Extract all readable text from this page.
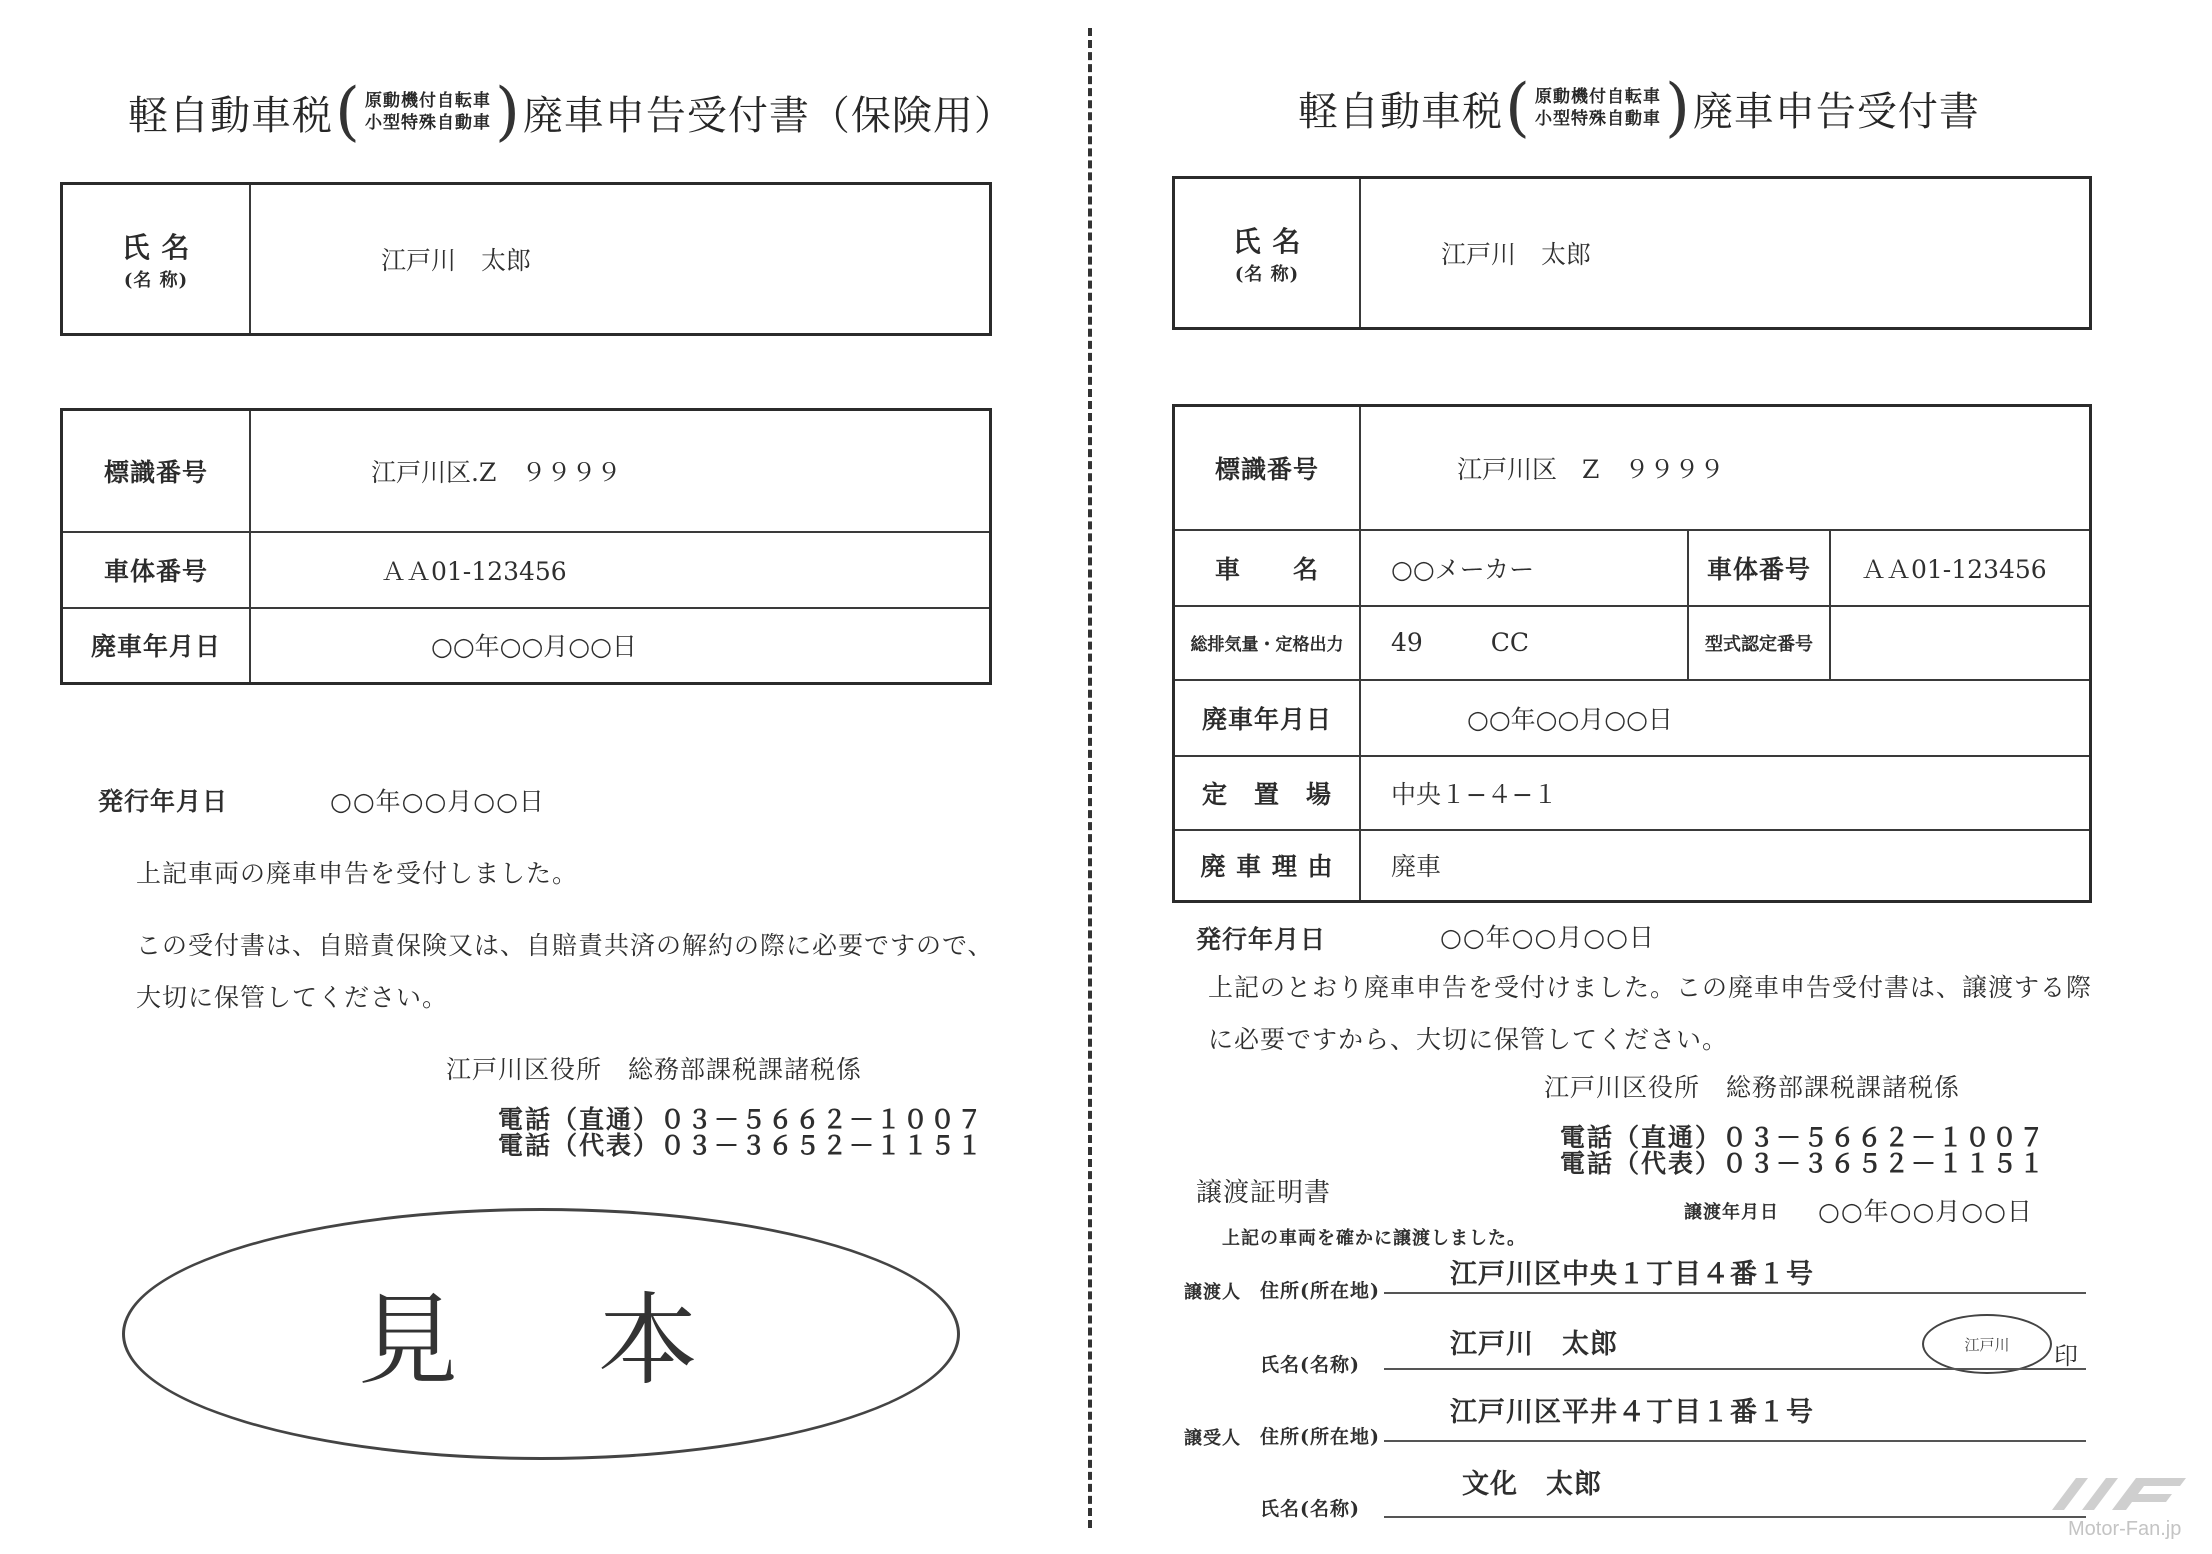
軽自動車税 ( 原動機付自転車
小型特殊自動車 ) 廃車申告受付書（保険用）
氏 名
(名 称)
	江戸川　太郎
標識番号	江戸川区.Z　９９９９
車体番号	ＡＡ01-123456
廃車年月日	○○年○○月○○日
発行年月日	○○年○○月○○日
上記車両の廃車申告を受付しました。
この受付書は、自賠責保険又は、自賠責共済の解約の際に必要ですので、
大切に保管してください。
江戸川区役所　総務部課税課諸税係
電話（直通）０３－５６６２－１００７
電話（代表）０３－３６５２－１１５１
見　本
軽自動車税 ( 原動機付自転車
小型特殊自動車 ) 廃車申告受付書
氏 名
(名 称)
	江戸川　太郎
標識番号	江戸川区　Z　９９９９		
車　　名	○○メーカー	車体番号	ＡＡ01-123456
総排気量・定格出力	49 CC	型式認定番号	
廃車年月日	○○年○○月○○日		
定　置　場	中央１−４−１		
廃 車 理 由	廃車		
発行年月日	○○年○○月○○日
上記のとおり廃車申告を受付けました。この廃車申告受付書は、譲渡する際
に必要ですから、大切に保管してください。
江戸川区役所　総務部課税課諸税係
電話（直通）０３－５６６２－１００７
電話（代表）０３－３６５２－１１５１
譲渡証明書
譲渡年月日 ○○年○○月○○日
上記の車両を確かに譲渡しました。
譲渡人 住所(所在地)
江戸川区中央１丁目４番１号
氏名(名称)
江戸川　太郎	江戸川	印
譲受人 住所(所在地)
江戸川区平井４丁目１番１号
氏名(名称)
文化　太郎
Motor-Fan.jp
